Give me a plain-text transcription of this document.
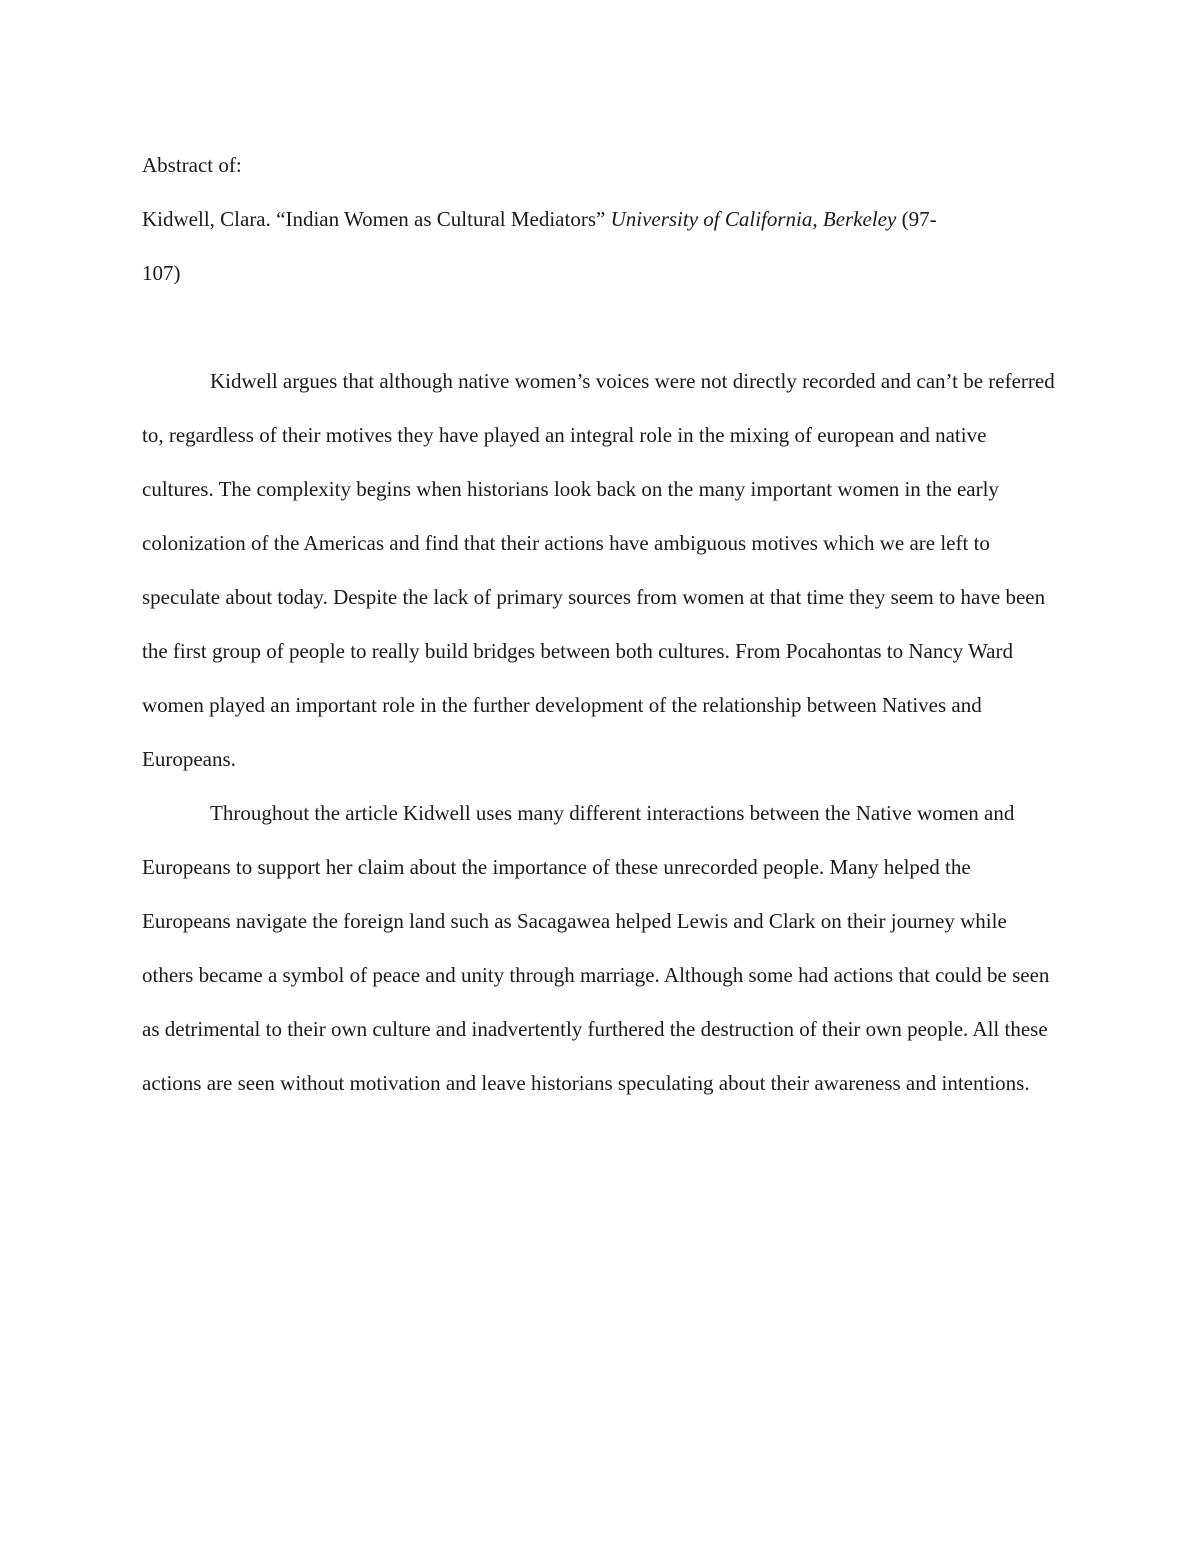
Abstract of:

Kidwell, Clara. “Indian Women as Cultural Mediators” University of California, Berkeley (97-
107)

Kidwell argues that although native women’s voices were not directly recorded and can’t be referred to, regardless of their motives they have played an integral role in the mixing of european and native cultures. The complexity begins when historians look back on the many important women in the early colonization of the Americas and find that their actions have ambiguous motives which we are left to speculate about today. Despite the lack of primary sources from women at that time they seem to have been the first group of people to really build bridges between both cultures. From Pocahontas to Nancy Ward women played an important role in the further development of the relationship between Natives and Europeans.

Throughout the article Kidwell uses many different interactions between the Native women and Europeans to support her claim about the importance of these unrecorded people. Many helped the Europeans navigate the foreign land such as Sacagawea helped Lewis and Clark on their journey while others became a symbol of peace and unity through marriage. Although some had actions that could be seen as detrimental to their own culture and inadvertently furthered the destruction of their own people. All these actions are seen without motivation and leave historians speculating about their awareness and intentions.
